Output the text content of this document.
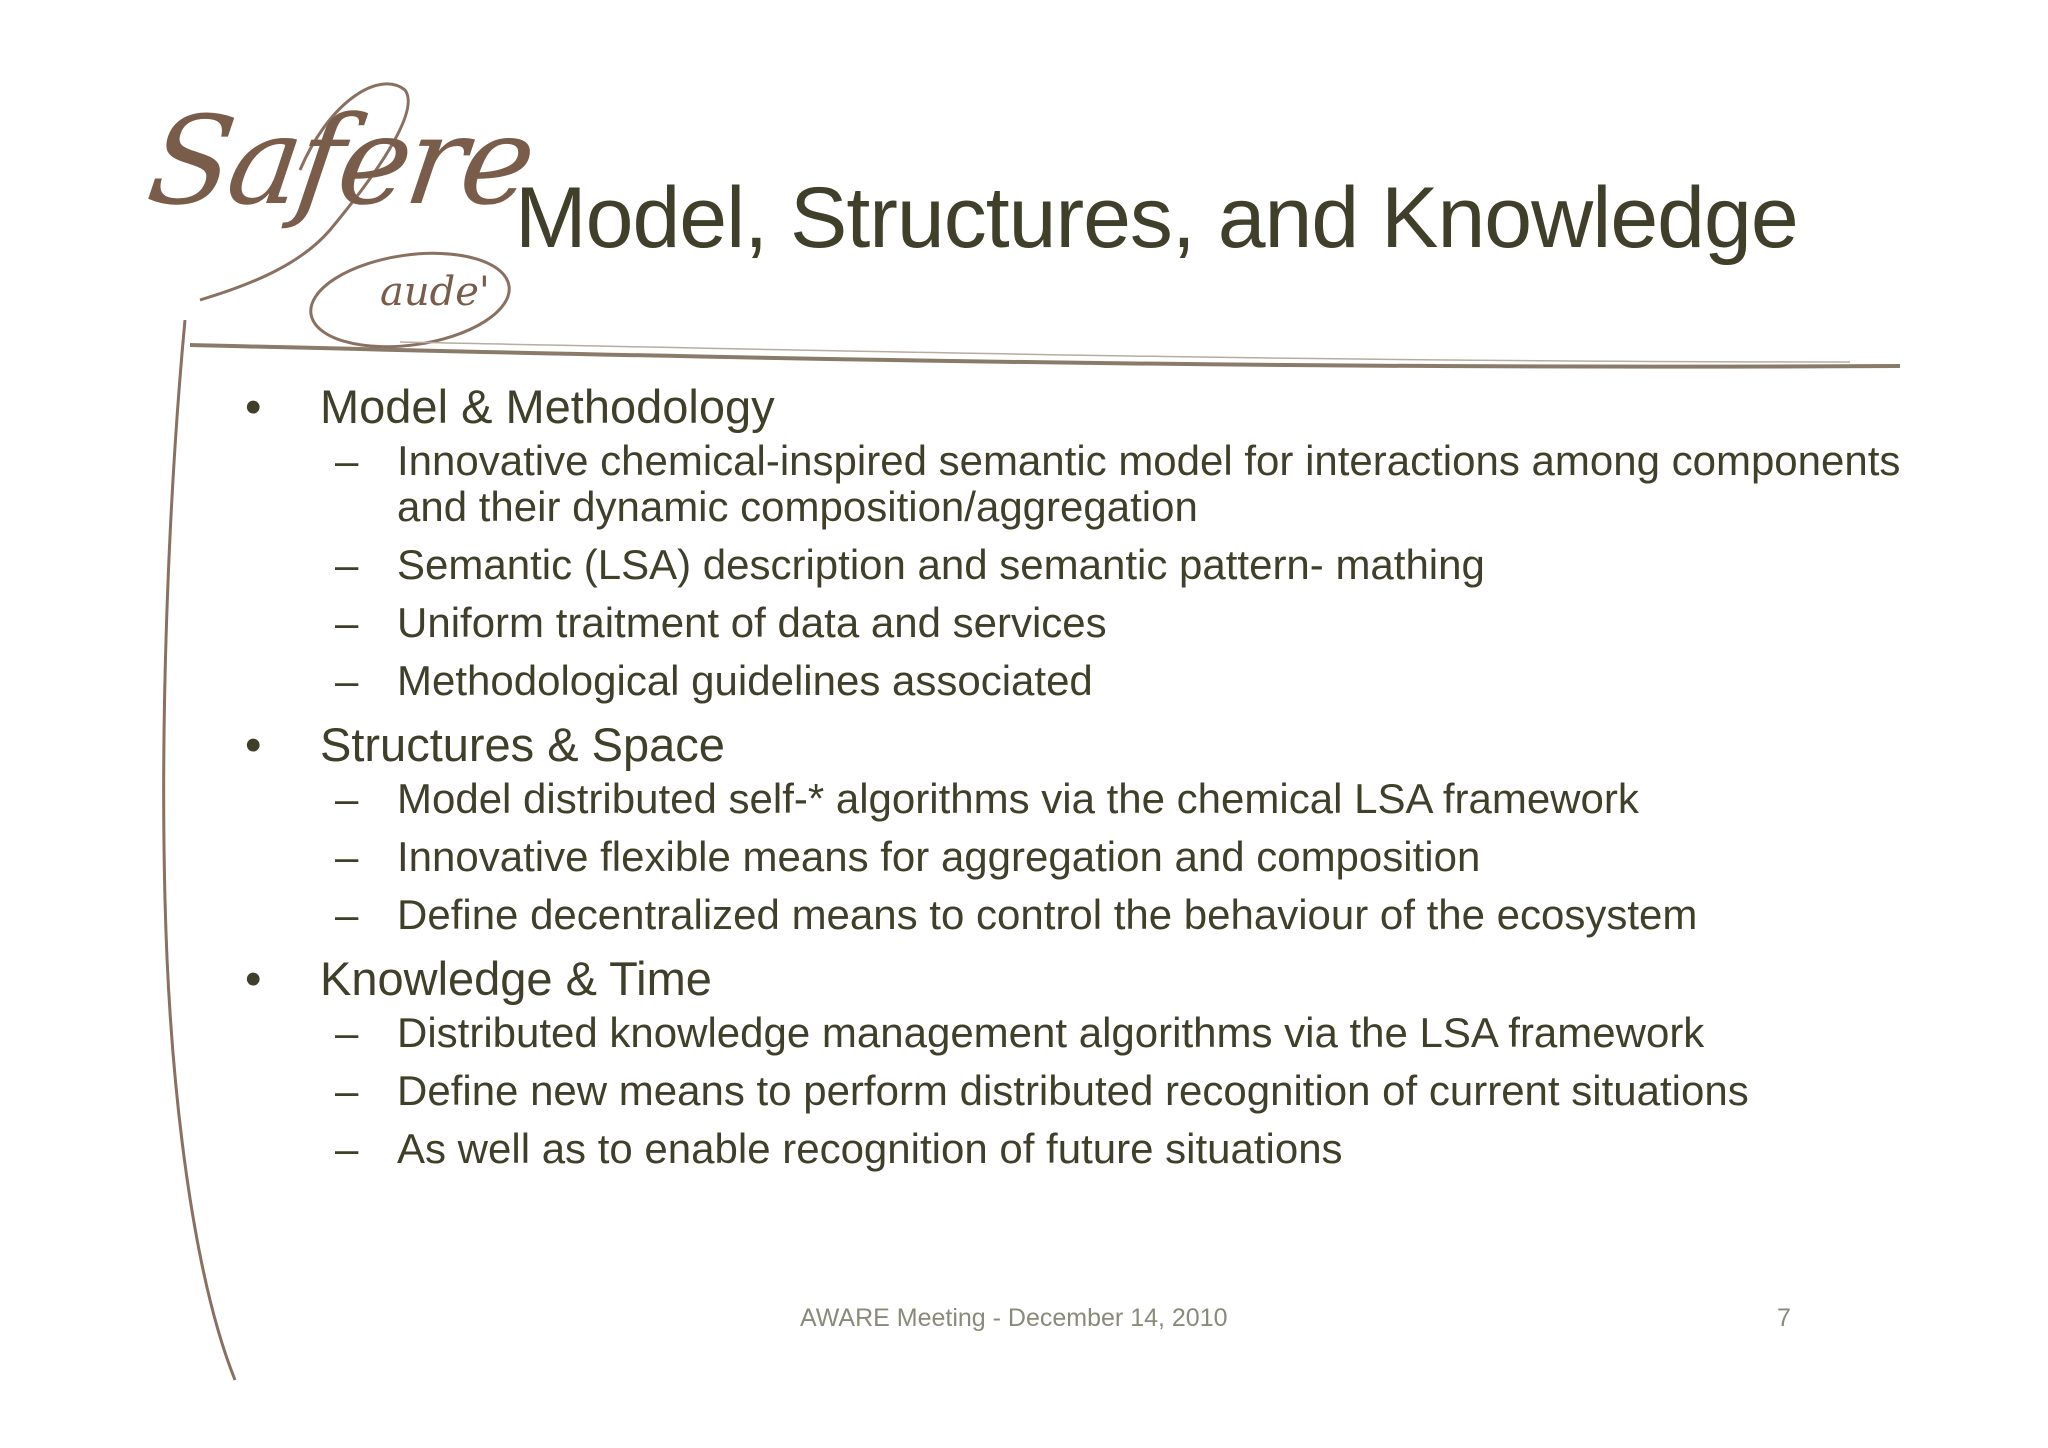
Safere
aude'
Model, Structures, and Knowledge
• Model & Methodology
– Innovative chemical-inspired semantic model for interactions among components and their dynamic composition/aggregation
– Semantic (LSA) description and semantic pattern- mathing
– Uniform traitment of data and services
– Methodological guidelines associated
• Structures & Space
– Model distributed self-* algorithms via the chemical LSA framework
– Innovative flexible means for aggregation and composition
– Define decentralized means to control the behaviour of the ecosystem
• Knowledge & Time
– Distributed knowledge management algorithms via the LSA framework
– Define new means to perform distributed recognition of current situations
– As well as to enable recognition of future situations
AWARE Meeting - December 14, 2010	7
